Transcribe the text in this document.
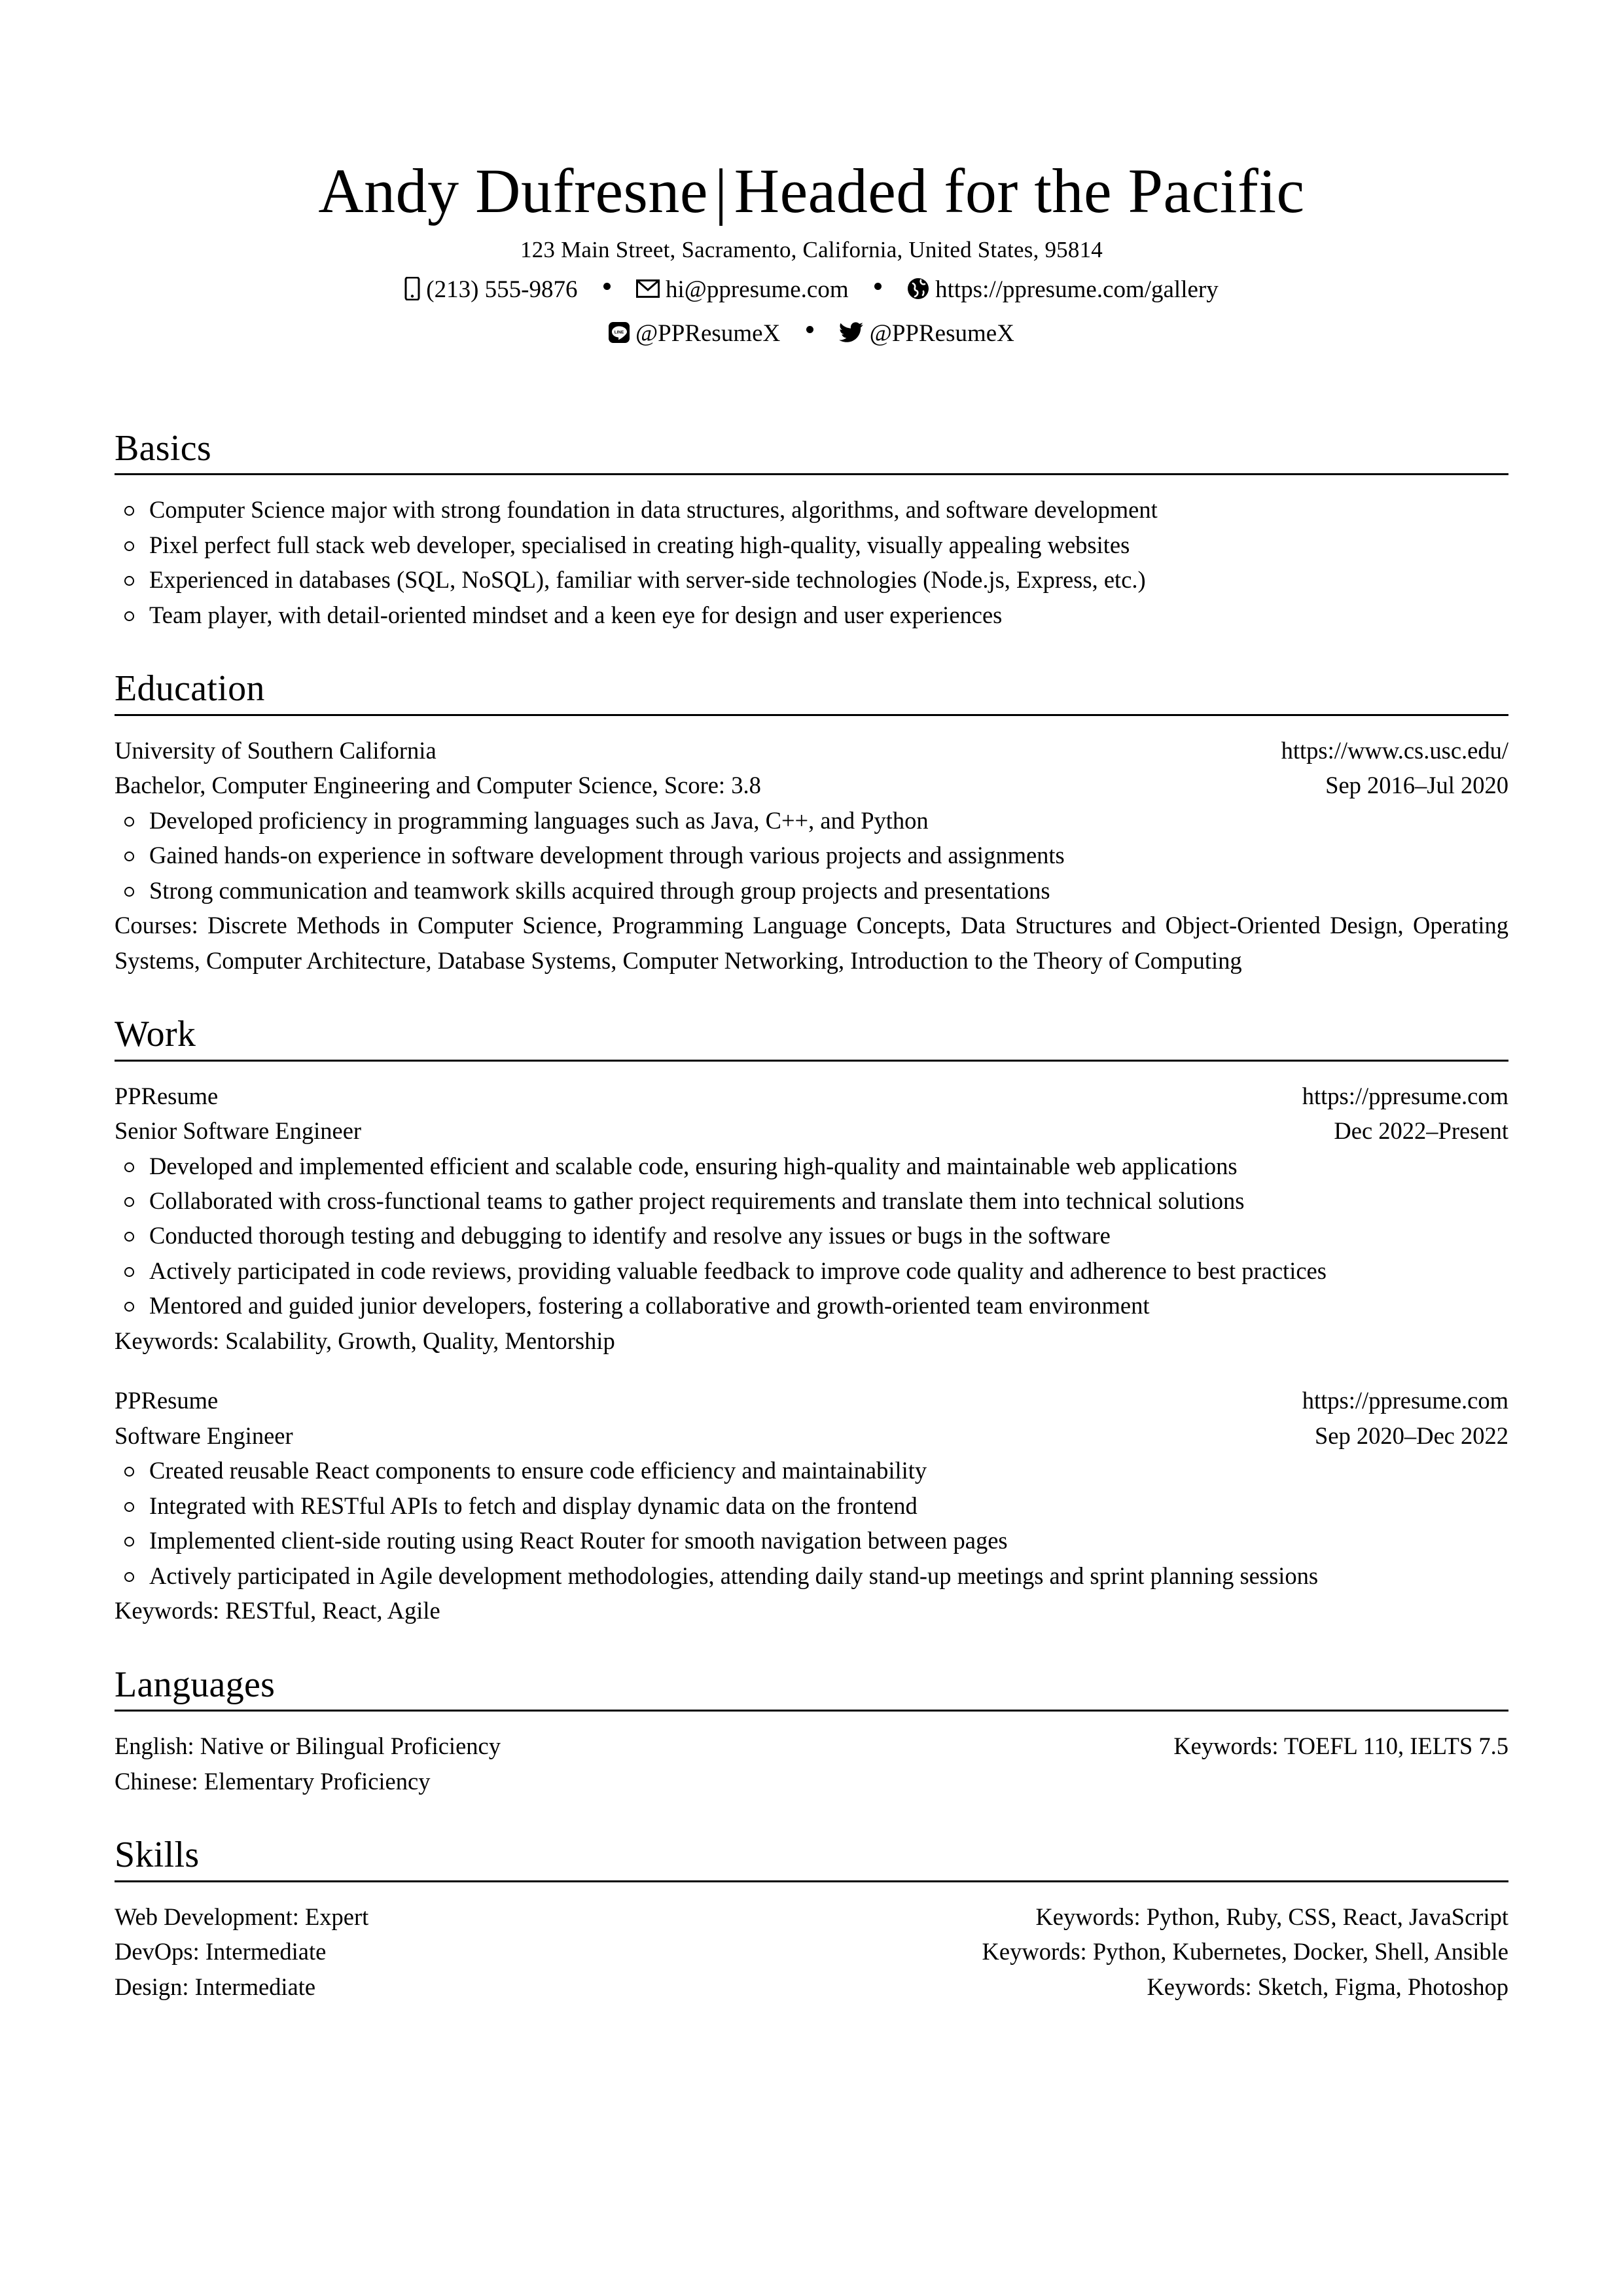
Andy Dufresne | Headed for the Pacific
123 Main Street, Sacramento, California, United States, 95814
(213) 555-9876
	hi@ppresume.com
	https://ppresume.com/gallery
LINE @PPResumeX
	@PPResumeX
Basics
Computer Science major with strong foundation in data structures, algorithms, and software development
Pixel perfect full stack web developer, specialised in creating high-quality, visually appealing websites
Experienced in databases (SQL, NoSQL), familiar with server-side technologies (Node.js, Express, etc.)
Team player, with detail-oriented mindset and a keen eye for design and user experiences
Education
University of Southern California	https://www.cs.usc.edu/
Bachelor, Computer Engineering and Computer Science, Score: 3.8	Sep 2016–Jul 2020
Developed proficiency in programming languages such as Java, C++, and Python
Gained hands-on experience in software development through various projects and assignments
Strong communication and teamwork skills acquired through group projects and presentations
Courses: Discrete Methods in Computer Science, Programming Language Concepts, Data Structures and Object-Oriented Design, Operating Systems, Computer Architecture, Database Systems, Computer Networking, Introduction to the Theory of Computing
Work
PPResume	https://ppresume.com
Senior Software Engineer	Dec 2022–Present
Developed and implemented efficient and scalable code, ensuring high-quality and maintainable web applications
Collaborated with cross-functional teams to gather project requirements and translate them into technical solutions
Conducted thorough testing and debugging to identify and resolve any issues or bugs in the software
Actively participated in code reviews, providing valuable feedback to improve code quality and adherence to best practices
Mentored and guided junior developers, fostering a collaborative and growth-oriented team environment
Keywords: Scalability, Growth, Quality, Mentorship
PPResume	https://ppresume.com
Software Engineer	Sep 2020–Dec 2022
Created reusable React components to ensure code efficiency and maintainability
Integrated with RESTful APIs to fetch and display dynamic data on the frontend
Implemented client-side routing using React Router for smooth navigation between pages
Actively participated in Agile development methodologies, attending daily stand-up meetings and sprint planning sessions
Keywords: RESTful, React, Agile
Languages
English: Native or Bilingual Proficiency	Keywords: TOEFL 110, IELTS 7.5
Chinese: Elementary Proficiency
Skills
Web Development: Expert	Keywords: Python, Ruby, CSS, React, JavaScript
DevOps: Intermediate	Keywords: Python, Kubernetes, Docker, Shell, Ansible
Design: Intermediate	Keywords: Sketch, Figma, Photoshop
